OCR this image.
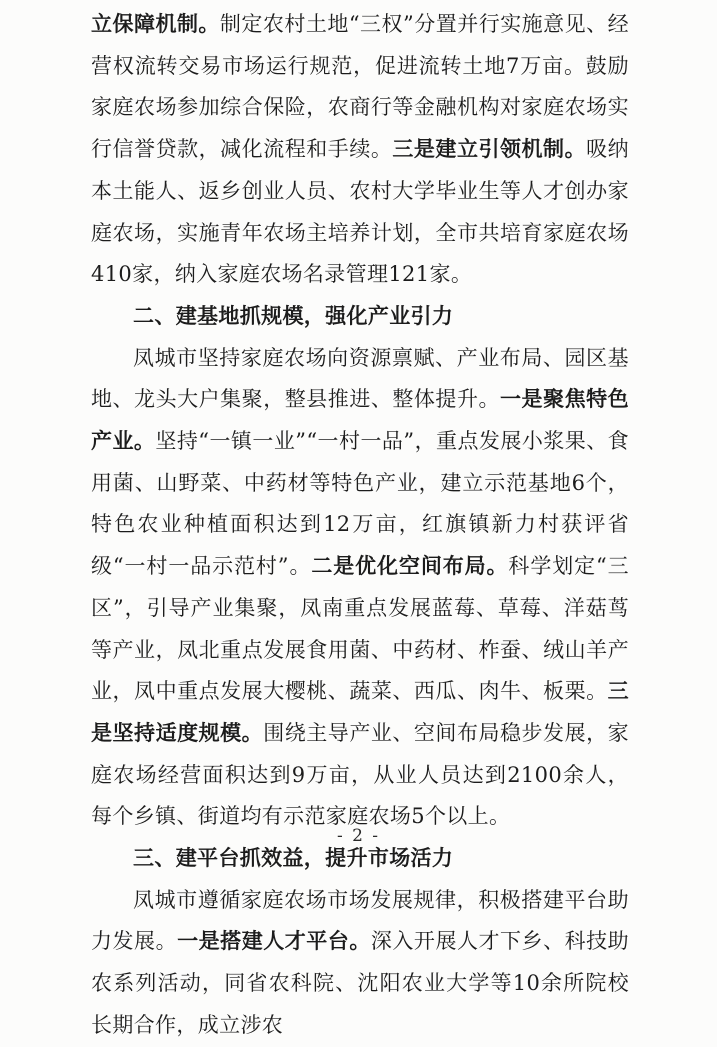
立保障机制。制定农村土地“三权”分置并行实施意见、经营权流转交易市场运行规范，促进流转土地7万亩。鼓励家庭农场参加综合保险，农商行等金融机构对家庭农场实行信誉贷款，减化流程和手续。三是建立引领机制。吸纳本土能人、返乡创业人员、农村大学毕业生等人才创办家庭农场，实施青年农场主培养计划，全市共培育家庭农场410家，纳入家庭农场名录管理121家。

二、建基地抓规模，强化产业引力

凤城市坚持家庭农场向资源禀赋、产业布局、园区基地、龙头大户集聚，整县推进、整体提升。一是聚焦特色产业。坚持“一镇一业”“一村一品”，重点发展小浆果、食用菌、山野菜、中药材等特色产业，建立示范基地6个，特色农业种植面积达到12万亩，红旗镇新力村获评省级“一村一品示范村”。二是优化空间布局。科学划定“三区”，引导产业集聚，凤南重点发展蓝莓、草莓、洋菇茑等产业，凤北重点发展食用菌、中药材、柞蚕、绒山羊产业，凤中重点发展大樱桃、蔬菜、西瓜、肉牛、板栗。三是坚持适度规模。围绕主导产业、空间布局稳步发展，家庭农场经营面积达到9万亩，从业人员达到2100余人，每个乡镇、街道均有示范家庭农场5个以上。

三、建平台抓效益，提升市场活力

凤城市遵循家庭农场市场发展规律，积极搭建平台助力发展。一是搭建人才平台。深入开展人才下乡、科技助农系列活动，同省农科院、沈阳农业大学等10余所院校长期合作，成立涉农

- 2 -
